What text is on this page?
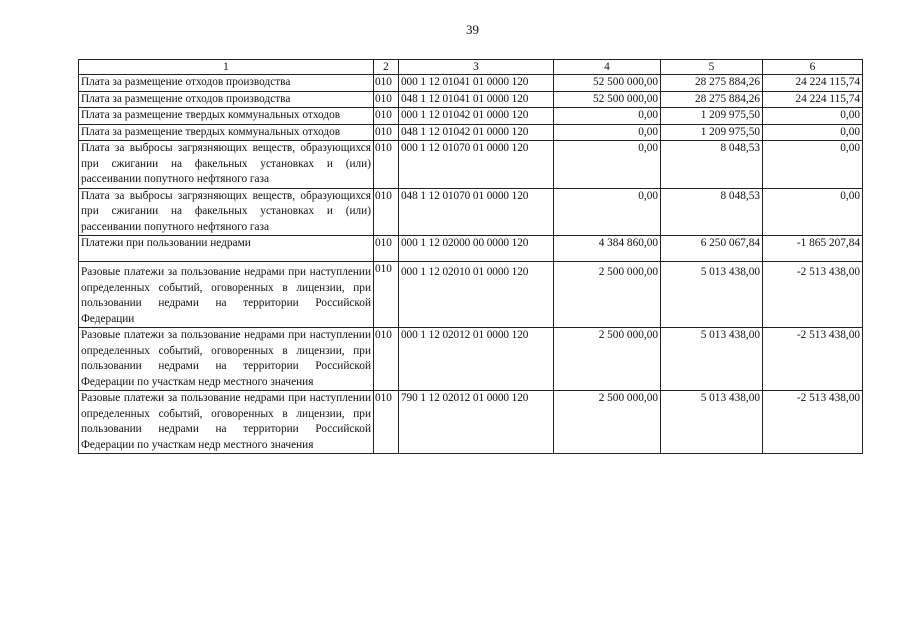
39
1	2	3	4	5	6
Плата за размещение отходов производства	010	000 1 12 01041 01 0000 120	52 500 000,00	28 275 884,26	24 224 115,74
Плата за размещение отходов производства	010	048 1 12 01041 01 0000 120	52 500 000,00	28 275 884,26	24 224 115,74
Плата за размещение твердых коммунальных отходов	010	000 1 12 01042 01 0000 120	0,00	1 209 975,50	0,00
Плата за размещение твердых коммунальных отходов	010	048 1 12 01042 01 0000 120	0,00	1 209 975,50	0,00
Плата за выбросы загрязняющих веществ, образующихся при сжигании на факельных установках и (или) рассеивании попутного нефтяного газа	010	000 1 12 01070 01 0000 120	0,00	8 048,53	0,00
Плата за выбросы загрязняющих веществ, образующихся при сжигании на факельных установках и (или) рассеивании попутного нефтяного газа	010	048 1 12 01070 01 0000 120	0,00	8 048,53	0,00
Платежи при пользовании недрами	010	000 1 12 02000 00 0000 120	4 384 860,00	6 250 067,84	-1 865 207,84
Разовые платежи за пользование недрами при наступлении определенных событий, оговоренных в лицензии, при пользовании недрами на территории Российской Федерации	010	000 1 12 02010 01 0000 120	2 500 000,00	5 013 438,00	-2 513 438,00
Разовые платежи за пользование недрами при наступлении определенных событий, оговоренных в лицензии, при пользовании недрами на территории Российской Федерации по участкам недр местного значения	010	000 1 12 02012 01 0000 120	2 500 000,00	5 013 438,00	-2 513 438,00
Разовые платежи за пользование недрами при наступлении определенных событий, оговоренных в лицензии, при пользовании недрами на территории Российской Федерации по участкам недр местного значения	010	790 1 12 02012 01 0000 120	2 500 000,00	5 013 438,00	-2 513 438,00
